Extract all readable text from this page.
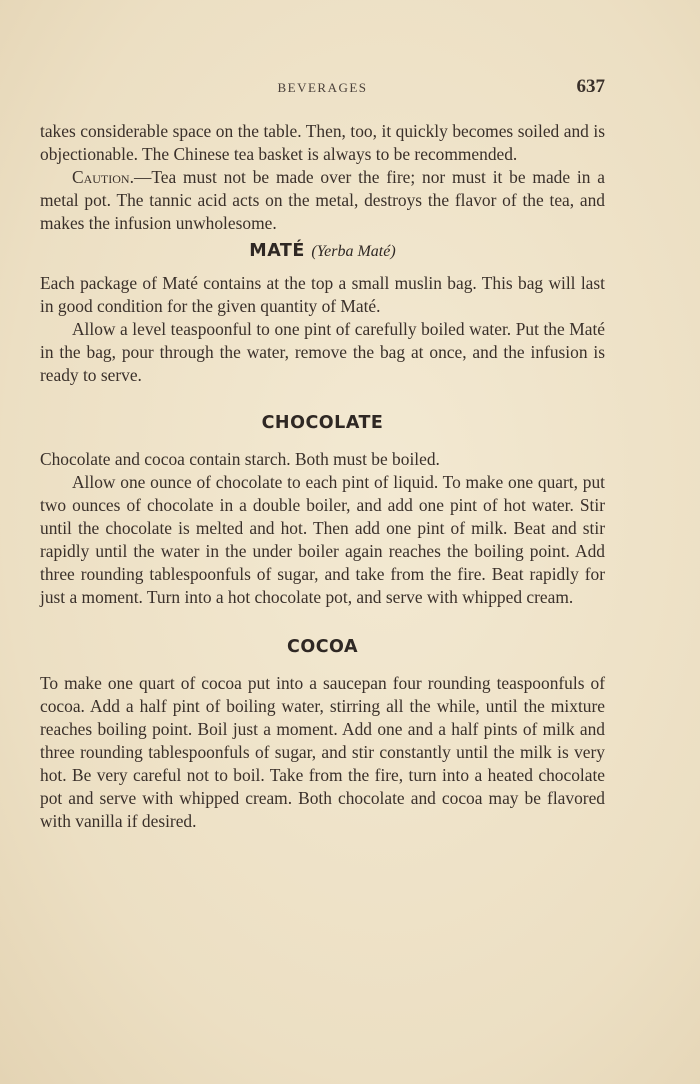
BEVERAGES	637

takes considerable space on the table. Then, too, it quickly becomes soiled and is objectionable. The Chinese tea basket is always to be recommended.

Caution.—Tea must not be made over the fire; nor must it be made in a metal pot. The tannic acid acts on the metal, destroys the flavor of the tea, and makes the infusion unwholesome.

MATÉ (Yerba Maté)

Each package of Maté contains at the top a small muslin bag. This bag will last in good condition for the given quantity of Maté.

Allow a level teaspoonful to one pint of carefully boiled water. Put the Maté in the bag, pour through the water, remove the bag at once, and the infusion is ready to serve.

CHOCOLATE

Chocolate and cocoa contain starch. Both must be boiled.

Allow one ounce of chocolate to each pint of liquid. To make one quart, put two ounces of chocolate in a double boiler, and add one pint of hot water. Stir until the chocolate is melted and hot. Then add one pint of milk. Beat and stir rapidly until the water in the under boiler again reaches the boiling point. Add three rounding tablespoonfuls of sugar, and take from the fire. Beat rapidly for just a moment. Turn into a hot chocolate pot, and serve with whipped cream.

COCOA

To make one quart of cocoa put into a saucepan four rounding teaspoonfuls of cocoa. Add a half pint of boiling water, stirring all the while, until the mixture reaches boiling point. Boil just a moment. Add one and a half pints of milk and three rounding tablespoonfuls of sugar, and stir constantly until the milk is very hot. Be very careful not to boil. Take from the fire, turn into a heated chocolate pot and serve with whipped cream. Both chocolate and cocoa may be flavored with vanilla if desired.
